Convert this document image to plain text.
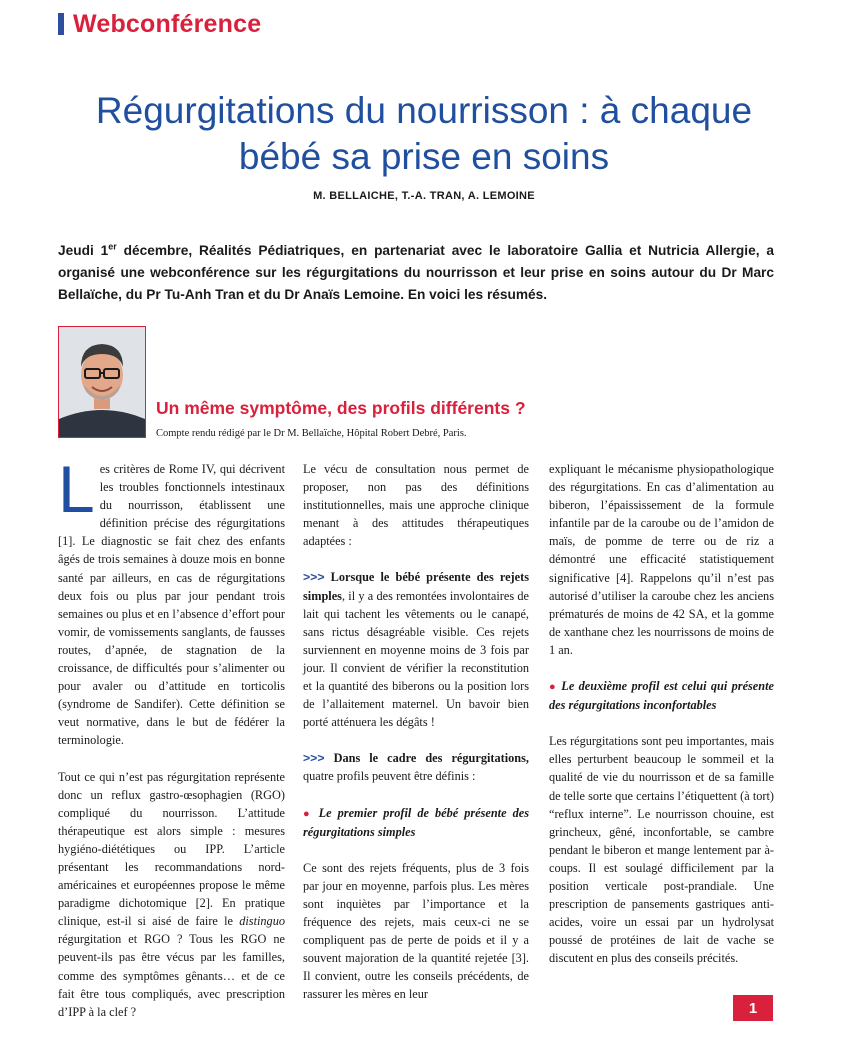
Webconférence
Régurgitations du nourrisson : à chaque
bébé sa prise en soins
M. BELLAICHE, T.-A. TRAN, A. LEMOINE

Jeudi 1er décembre, Réalités Pédiatriques, en partenariat avec le laboratoire Gallia et Nutricia Allergie, a organisé une webconférence sur les régurgitations du nourrisson et leur prise en soins autour du Dr Marc Bellaïche, du Pr Tu-Anh Tran et du Dr Anaïs Lemoine. En voici les résumés.

Un même symptôme, des profils différents ?
Compte rendu rédigé par le Dr M. Bellaïche, Hôpital Robert Debré, Paris.

Les critères de Rome IV, qui décrivent les troubles fonctionnels intestinaux du nourrisson, établissent une définition précise des régurgitations [1]. Le diagnostic se fait chez des enfants âgés de trois semaines à douze mois en bonne santé par ailleurs, en cas de régurgitations deux fois ou plus par jour pendant trois semaines ou plus et en l’absence d’effort pour vomir, de vomissements sanglants, de fausses routes, d’apnée, de stagnation de la croissance, de difficultés pour s’alimenter ou pour avaler ou d’attitude en torticolis (syndrome de Sandifer). Cette définition se veut normative, dans le but de fédérer la terminologie.

Tout ce qui n’est pas régurgitation représente donc un reflux gastro-œsophagien (RGO) compliqué du nourrisson. L’attitude thérapeutique est alors simple : mesures hygiéno-diététiques ou IPP. L’article présentant les recommandations nord-américaines et européennes propose le même paradigme dichotomique [2]. En pratique clinique, est-il si aisé de faire le distinguo régurgitation et RGO ? Tous les RGO ne peuvent-ils pas être vécus par les familles, comme des symptômes gênants… et de ce fait être tous compliqués, avec prescription d’IPP à la clef ?

Le vécu de consultation nous permet de proposer, non pas des définitions institutionnelles, mais une approche clinique menant à des attitudes thérapeutiques adaptées :

>>> Lorsque le bébé présente des rejets simples, il y a des remontées involontaires de lait qui tachent les vêtements ou le canapé, sans rictus désagréable visible. Ces rejets surviennent en moyenne moins de 3 fois par jour. Il convient de vérifier la reconstitution et la quantité des biberons ou la position lors de l’allaitement maternel. Un bavoir bien porté atténuera les dégâts !

>>> Dans le cadre des régurgitations, quatre profils peuvent être définis :

● Le premier profil de bébé présente des régurgitations simples

Ce sont des rejets fréquents, plus de 3 fois par jour en moyenne, parfois plus. Les mères sont inquiètes par l’importance et la fréquence des rejets, mais ceux-ci ne se compliquent pas de perte de poids et il y a souvent majoration de la quantité rejetée [3]. Il convient, outre les conseils précédents, de rassurer les mères en leur

expliquant le mécanisme physiopathologique des régurgitations. En cas d’alimentation au biberon, l’épaississement de la formule infantile par de la caroube ou de l’amidon de maïs, de pomme de terre ou de riz a démontré une efficacité statistiquement significative [4]. Rappelons qu’il n’est pas autorisé d’utiliser la caroube chez les anciens prématurés de moins de 42 SA, et la gomme de xanthane chez les nourrissons de moins de 1 an.

● Le deuxième profil est celui qui présente des régurgitations inconfortables

Les régurgitations sont peu importantes, mais elles perturbent beaucoup le sommeil et la qualité de vie du nourrisson et de sa famille de telle sorte que certains l’étiquettent (à tort) “reflux interne”. Le nourrisson chouine, est grincheux, gêné, inconfortable, se cambre pendant le biberon et mange lentement par à-coups. Il est soulagé difficilement par la position verticale post-prandiale. Une prescription de pansements gastriques anti-acides, voire un essai par un hydrolysat poussé de protéines de lait de vache se discutent en plus des conseils précités.

1
